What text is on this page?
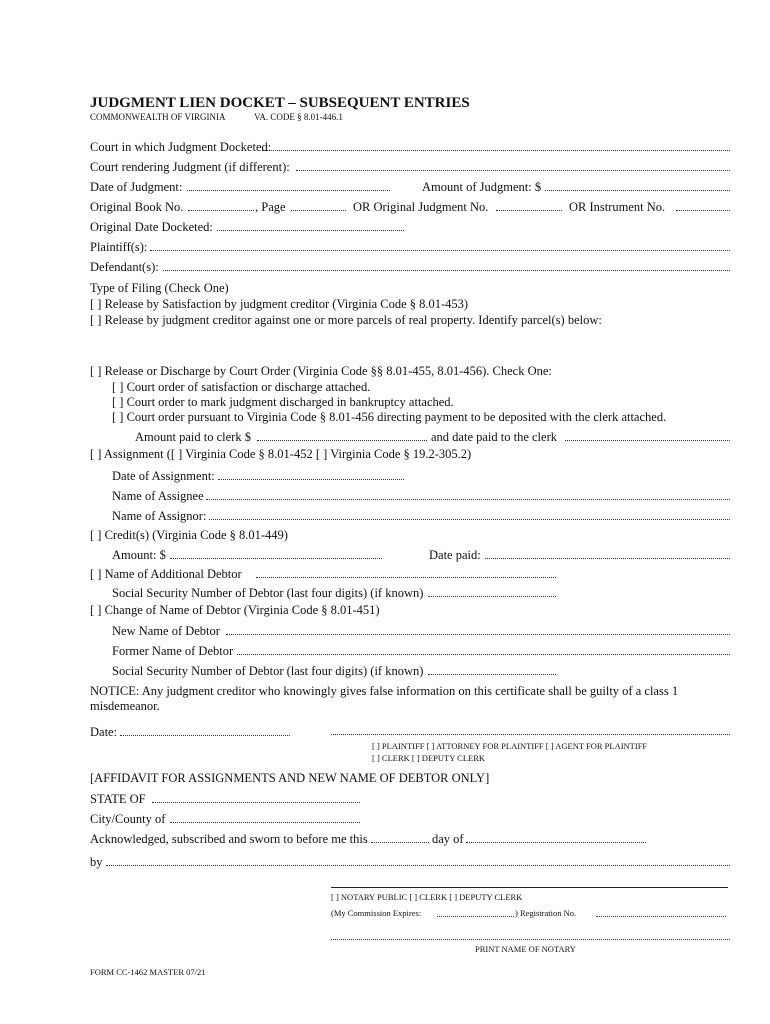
JUDGMENT LIEN DOCKET – SUBSEQUENT ENTRIES
COMMONWEALTH OF VIRGINIA	VA. CODE § 8.01-446.1
Court in which Judgment Docketed:
Court rendering Judgment (if different):
Date of Judgment:	Amount of Judgment: $
Original Book No.	, Page	OR Original Judgment No.	OR Instrument No.
Original Date Docketed:
Plaintiff(s):
Defendant(s):
Type of Filing (Check One)
[ ] Release by Satisfaction by judgment creditor (Virginia Code § 8.01-453)
[ ] Release by judgment creditor against one or more parcels of real property. Identify parcel(s) below:
[ ] Release or Discharge by Court Order (Virginia Code §§ 8.01-455, 8.01-456). Check One:
[ ] Court order of satisfaction or discharge attached.
[ ] Court order to mark judgment discharged in bankruptcy attached.
[ ] Court order pursuant to Virginia Code § 8.01-456 directing payment to be deposited with the clerk attached.
Amount paid to clerk $	and date paid to the clerk
[ ] Assignment ([ ] Virginia Code § 8.01-452 [ ] Virginia Code § 19.2-305.2)
Date of Assignment:
Name of Assignee
Name of Assignor:
[ ] Credit(s) (Virginia Code § 8.01-449)
Amount: $	Date paid:
[ ] Name of Additional Debtor
Social Security Number of Debtor (last four digits) (if known)
[ ] Change of Name of Debtor (Virginia Code § 8.01-451)
New Name of Debtor
Former Name of Debtor
Social Security Number of Debtor (last four digits) (if known)
NOTICE: Any judgment creditor who knowingly gives false information on this certificate shall be guilty of a class 1
misdemeanor.
Date:
[ ] PLAINTIFF [ ] ATTORNEY FOR PLAINTIFF [ ] AGENT FOR PLAINTIFF
[ ] CLERK [ ] DEPUTY CLERK
[AFFIDAVIT FOR ASSIGNMENTS AND NEW NAME OF DEBTOR ONLY]
STATE OF
City/County of
Acknowledged, subscribed and sworn to before me this	day of
by
[ ] NOTARY PUBLIC [ ] CLERK [ ] DEPUTY CLERK
(My Commission Expires:	) Registration No.
PRINT NAME OF NOTARY
FORM CC-1462 MASTER 07/21
